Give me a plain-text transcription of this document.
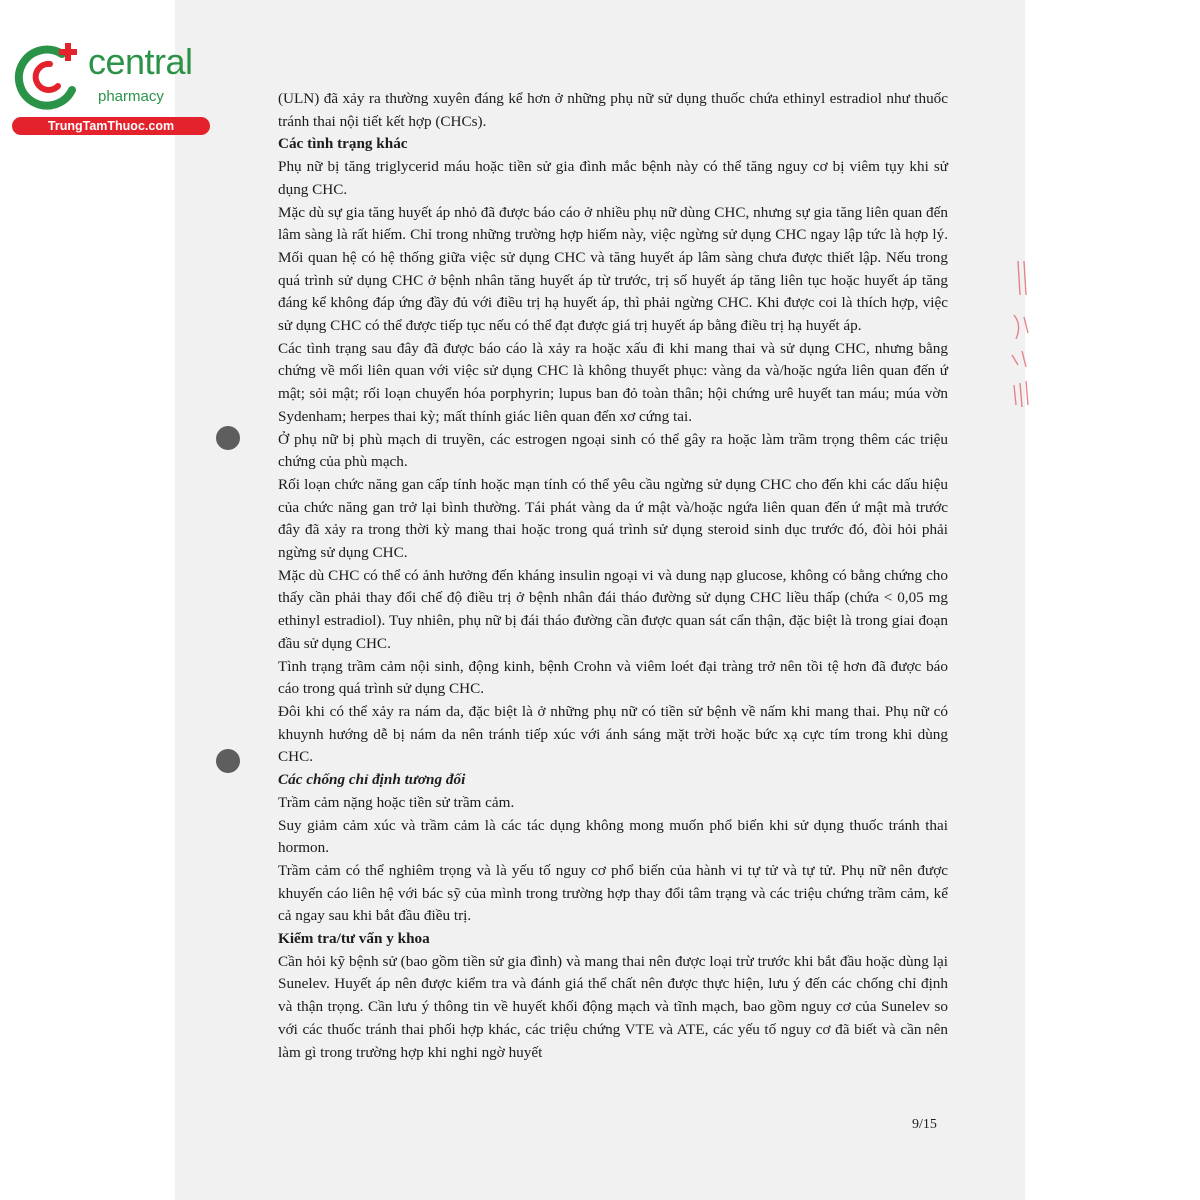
central
pharmacy
TrungTamThuoc.com

(ULN) đã xảy ra thường xuyên đáng kể hơn ở những phụ nữ sử dụng thuốc chứa ethinyl estradiol như thuốc tránh thai nội tiết kết hợp (CHCs).

Các tình trạng khác

Phụ nữ bị tăng triglycerid máu hoặc tiền sử gia đình mắc bệnh này có thể tăng nguy cơ bị viêm tụy khi sử dụng CHC.

Mặc dù sự gia tăng huyết áp nhỏ đã được báo cáo ở nhiều phụ nữ dùng CHC, nhưng sự gia tăng liên quan đến lâm sàng là rất hiếm. Chỉ trong những trường hợp hiếm này, việc ngừng sử dụng CHC ngay lập tức là hợp lý. Mối quan hệ có hệ thống giữa việc sử dụng CHC và tăng huyết áp lâm sàng chưa được thiết lập. Nếu trong quá trình sử dụng CHC ở bệnh nhân tăng huyết áp từ trước, trị số huyết áp tăng liên tục hoặc huyết áp tăng đáng kể không đáp ứng đầy đủ với điều trị hạ huyết áp, thì phải ngừng CHC. Khi được coi là thích hợp, việc sử dụng CHC có thể được tiếp tục nếu có thể đạt được giá trị huyết áp bằng điều trị hạ huyết áp.

Các tình trạng sau đây đã được báo cáo là xảy ra hoặc xấu đi khi mang thai và sử dụng CHC, nhưng bằng chứng về mối liên quan với việc sử dụng CHC là không thuyết phục: vàng da và/hoặc ngứa liên quan đến ứ mật; sỏi mật; rối loạn chuyển hóa porphyrin; lupus ban đỏ toàn thân; hội chứng urê huyết tan máu; múa vờn Sydenham; herpes thai kỳ; mất thính giác liên quan đến xơ cứng tai.

Ở phụ nữ bị phù mạch di truyền, các estrogen ngoại sinh có thể gây ra hoặc làm trầm trọng thêm các triệu chứng của phù mạch.

Rối loạn chức năng gan cấp tính hoặc mạn tính có thể yêu cầu ngừng sử dụng CHC cho đến khi các dấu hiệu của chức năng gan trở lại bình thường. Tái phát vàng da ứ mật và/hoặc ngứa liên quan đến ứ mật mà trước đây đã xảy ra trong thời kỳ mang thai hoặc trong quá trình sử dụng steroid sinh dục trước đó, đòi hỏi phải ngừng sử dụng CHC.

Mặc dù CHC có thể có ảnh hưởng đến kháng insulin ngoại vi và dung nạp glucose, không có bằng chứng cho thấy cần phải thay đổi chế độ điều trị ở bệnh nhân đái tháo đường sử dụng CHC liều thấp (chứa < 0,05 mg ethinyl estradiol). Tuy nhiên, phụ nữ bị đái tháo đường cần được quan sát cẩn thận, đặc biệt là trong giai đoạn đầu sử dụng CHC.

Tình trạng trầm cảm nội sinh, động kinh, bệnh Crohn và viêm loét đại tràng trở nên tồi tệ hơn đã được báo cáo trong quá trình sử dụng CHC.

Đôi khi có thể xảy ra nám da, đặc biệt là ở những phụ nữ có tiền sử bệnh về nấm khi mang thai. Phụ nữ có khuynh hướng dễ bị nám da nên tránh tiếp xúc với ánh sáng mặt trời hoặc bức xạ cực tím trong khi dùng CHC.

Các chống chỉ định tương đối

Trầm cảm nặng hoặc tiền sử trầm cảm.

Suy giảm cảm xúc và trầm cảm là các tác dụng không mong muốn phổ biến khi sử dụng thuốc tránh thai hormon.

Trầm cảm có thể nghiêm trọng và là yếu tố nguy cơ phổ biến của hành vi tự tử và tự tử. Phụ nữ nên được khuyến cáo liên hệ với bác sỹ của mình trong trường hợp thay đổi tâm trạng và các triệu chứng trầm cảm, kể cả ngay sau khi bắt đầu điều trị.

Kiểm tra/tư vấn y khoa

Cần hỏi kỹ bệnh sử (bao gồm tiền sử gia đình) và mang thai nên được loại trừ trước khi bắt đầu hoặc dùng lại Sunelev. Huyết áp nên được kiểm tra và đánh giá thể chất nên được thực hiện, lưu ý đến các chống chỉ định và thận trọng. Cần lưu ý thông tin về huyết khối động mạch và tĩnh mạch, bao gồm nguy cơ của Sunelev so với các thuốc tránh thai phối hợp khác, các triệu chứng VTE và ATE, các yếu tố nguy cơ đã biết và cần nên làm gì trong trường hợp khi nghi ngờ huyết

9/15
